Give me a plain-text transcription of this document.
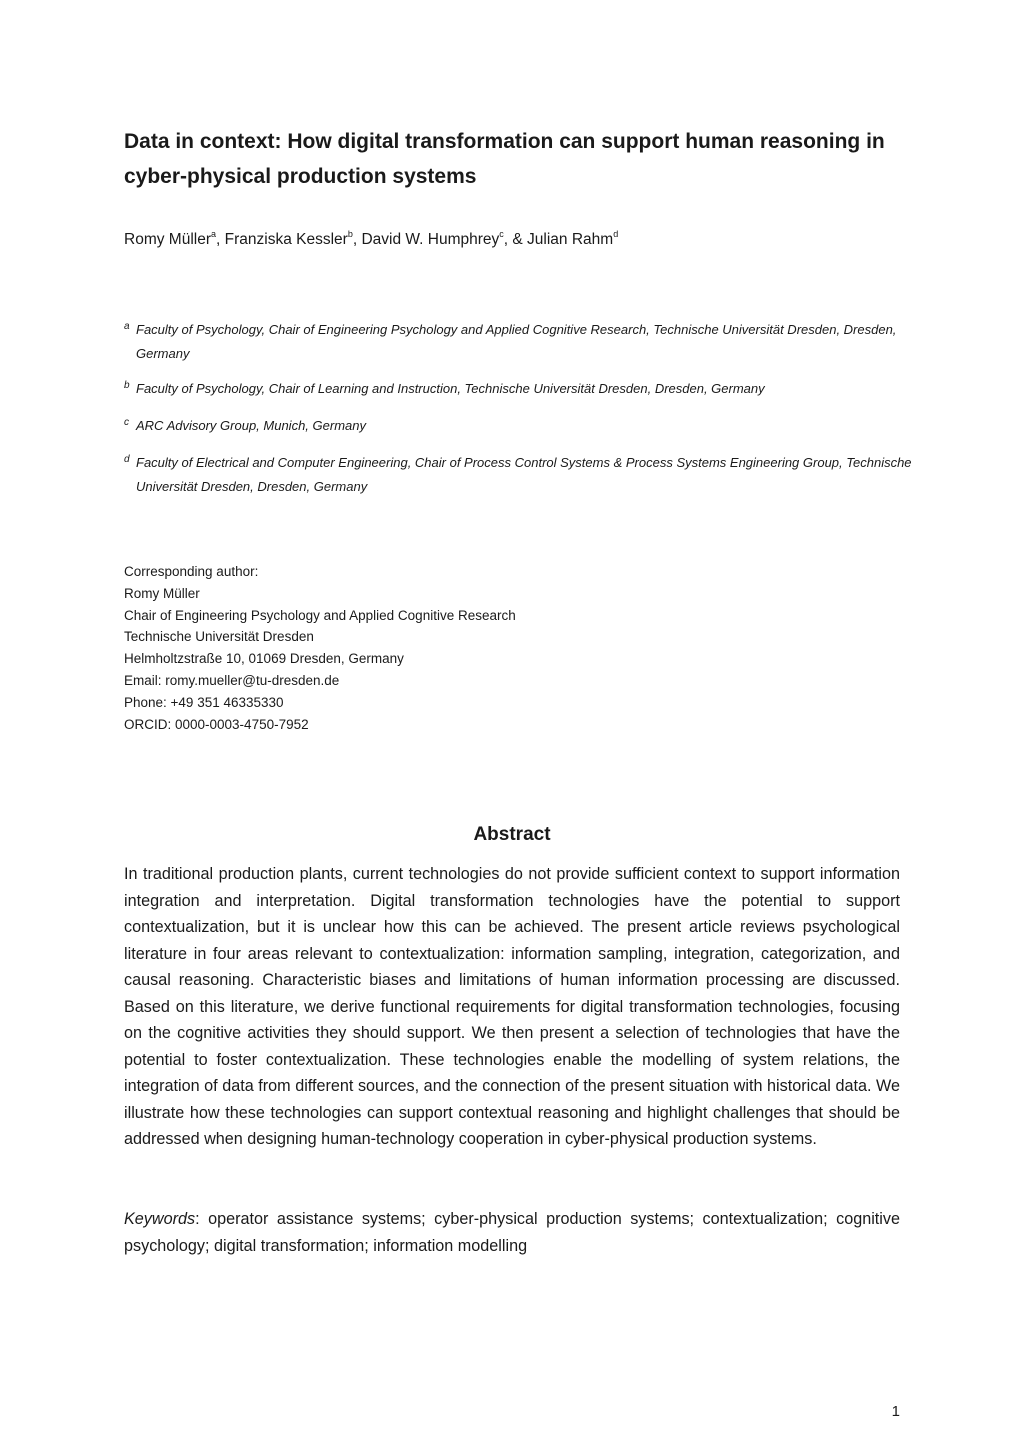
Data in context: How digital transformation can support human reasoning in cyber-physical production systems

Romy Müller$^a$, Franziska Kessler$^b$, David W. Humphrey$^c$, & Julian Rahm$^d$

a Faculty of Psychology, Chair of Engineering Psychology and Applied Cognitive Research, Technische Universität Dresden, Dresden, Germany

b Faculty of Psychology, Chair of Learning and Instruction, Technische Universität Dresden, Dresden, Germany

c ARC Advisory Group, Munich, Germany

d Faculty of Electrical and Computer Engineering, Chair of Process Control Systems & Process Systems Engineering Group, Technische Universität Dresden, Dresden, Germany

Corresponding author:
Romy Müller
Chair of Engineering Psychology and Applied Cognitive Research
Technische Universität Dresden
Helmholtzstraße 10, 01069 Dresden, Germany
Email: romy.mueller@tu-dresden.de
Phone: +49 351 46335330
ORCID: 0000-0003-4750-7952
Abstract

In traditional production plants, current technologies do not provide sufficient context to support information integration and interpretation. Digital transformation technologies have the potential to support contextualization, but it is unclear how this can be achieved. The present article reviews psychological literature in four areas relevant to contextualization: information sampling, integration, categorization, and causal reasoning. Characteristic biases and limitations of human information processing are discussed. Based on this literature, we derive functional requirements for digital transformation technologies, focusing on the cognitive activities they should support. We then present a selection of technologies that have the potential to foster contextualization. These technologies enable the modelling of system relations, the integration of data from different sources, and the connection of the present situation with historical data. We illustrate how these technologies can support contextual reasoning and highlight challenges that should be addressed when designing human-technology cooperation in cyber-physical production systems.

Keywords: operator assistance systems; cyber-physical production systems; contextualization; cognitive psychology; digital transformation; information modelling

1
